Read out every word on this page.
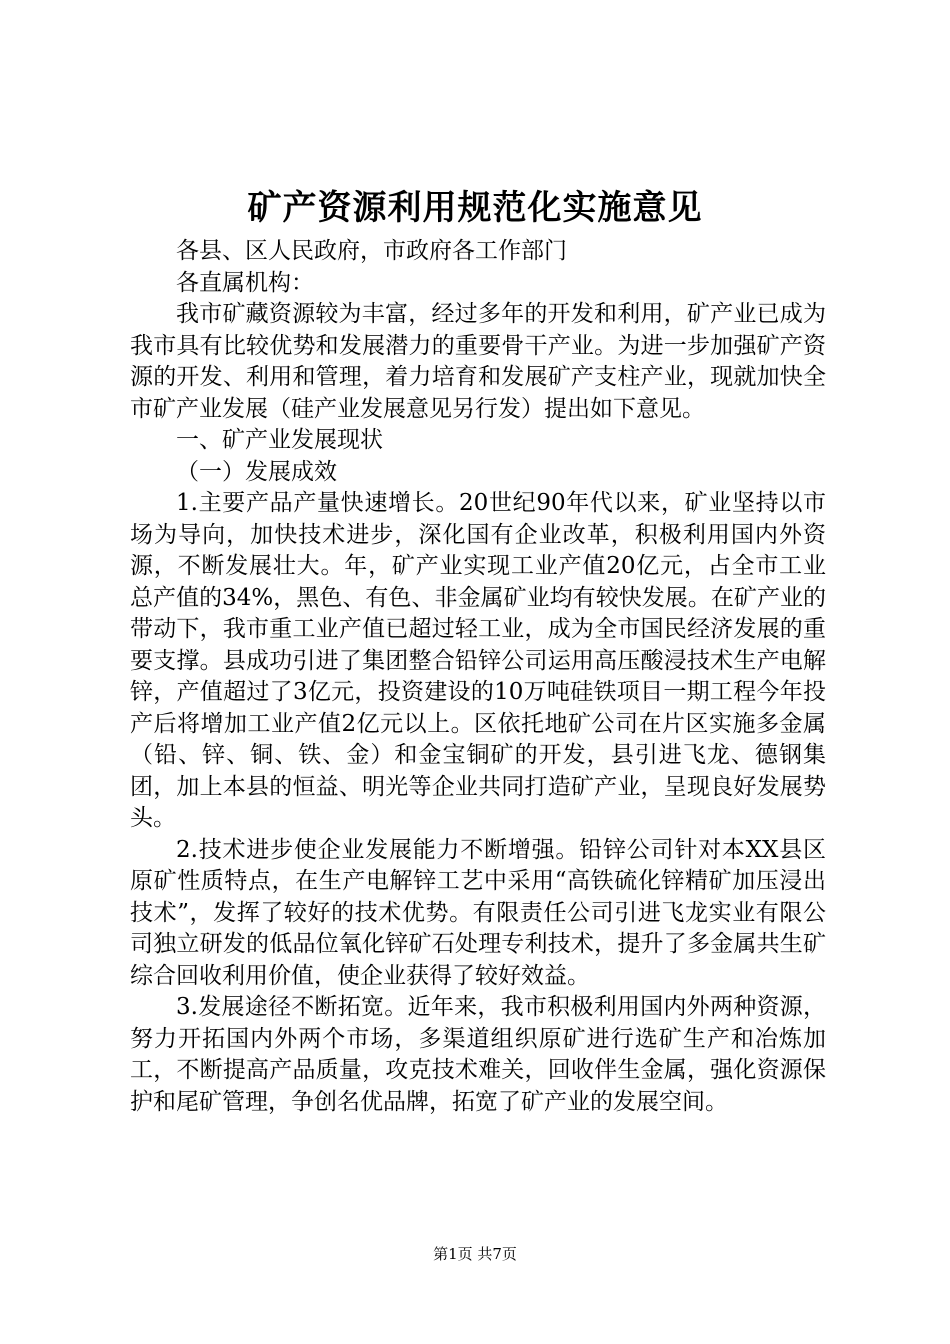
矿产资源利用规范化实施意见

各县、区人民政府，市政府各工作部门

各直属机构：

我市矿藏资源较为丰富，经过多年的开发和利用，矿产业已成为我市具有比较优势和发展潜力的重要骨干产业。为进一步加强矿产资源的开发、利用和管理，着力培育和发展矿产支柱产业，现就加快全市矿产业发展（硅产业发展意见另行发）提出如下意见。

一、矿产业发展现状

（一）发展成效

1.主要产品产量快速增长。20世纪90年代以来，矿业坚持以市场为导向，加快技术进步，深化国有企业改革，积极利用国内外资源，不断发展壮大。年，矿产业实现工业产值20亿元，占全市工业总产值的34%，黑色、有色、非金属矿业均有较快发展。在矿产业的带动下，我市重工业产值已超过轻工业，成为全市国民经济发展的重要支撑。县成功引进了集团整合铅锌公司运用高压酸浸技术生产电解锌，产值超过了3亿元，投资建设的10万吨硅铁项目一期工程今年投产后将增加工业产值2亿元以上。区依托地矿公司在片区实施多金属（铅、锌、铜、铁、金）和金宝铜矿的开发，县引进飞龙、德钢集团，加上本县的恒益、明光等企业共同打造矿产业，呈现良好发展势头。

2.技术进步使企业发展能力不断增强。铅锌公司针对本XX县区原矿性质特点，在生产电解锌工艺中采用“高铁硫化锌精矿加压浸出技术”，发挥了较好的技术优势。有限责任公司引进飞龙实业有限公司独立研发的低品位氧化锌矿石处理专利技术，提升了多金属共生矿综合回收利用价值，使企业获得了较好效益。

3.发展途径不断拓宽。近年来，我市积极利用国内外两种资源，努力开拓国内外两个市场，多渠道组织原矿进行选矿生产和冶炼加工，不断提高产品质量，攻克技术难关，回收伴生金属，强化资源保护和尾矿管理，争创名优品牌，拓宽了矿产业的发展空间。

第1页 共7页
